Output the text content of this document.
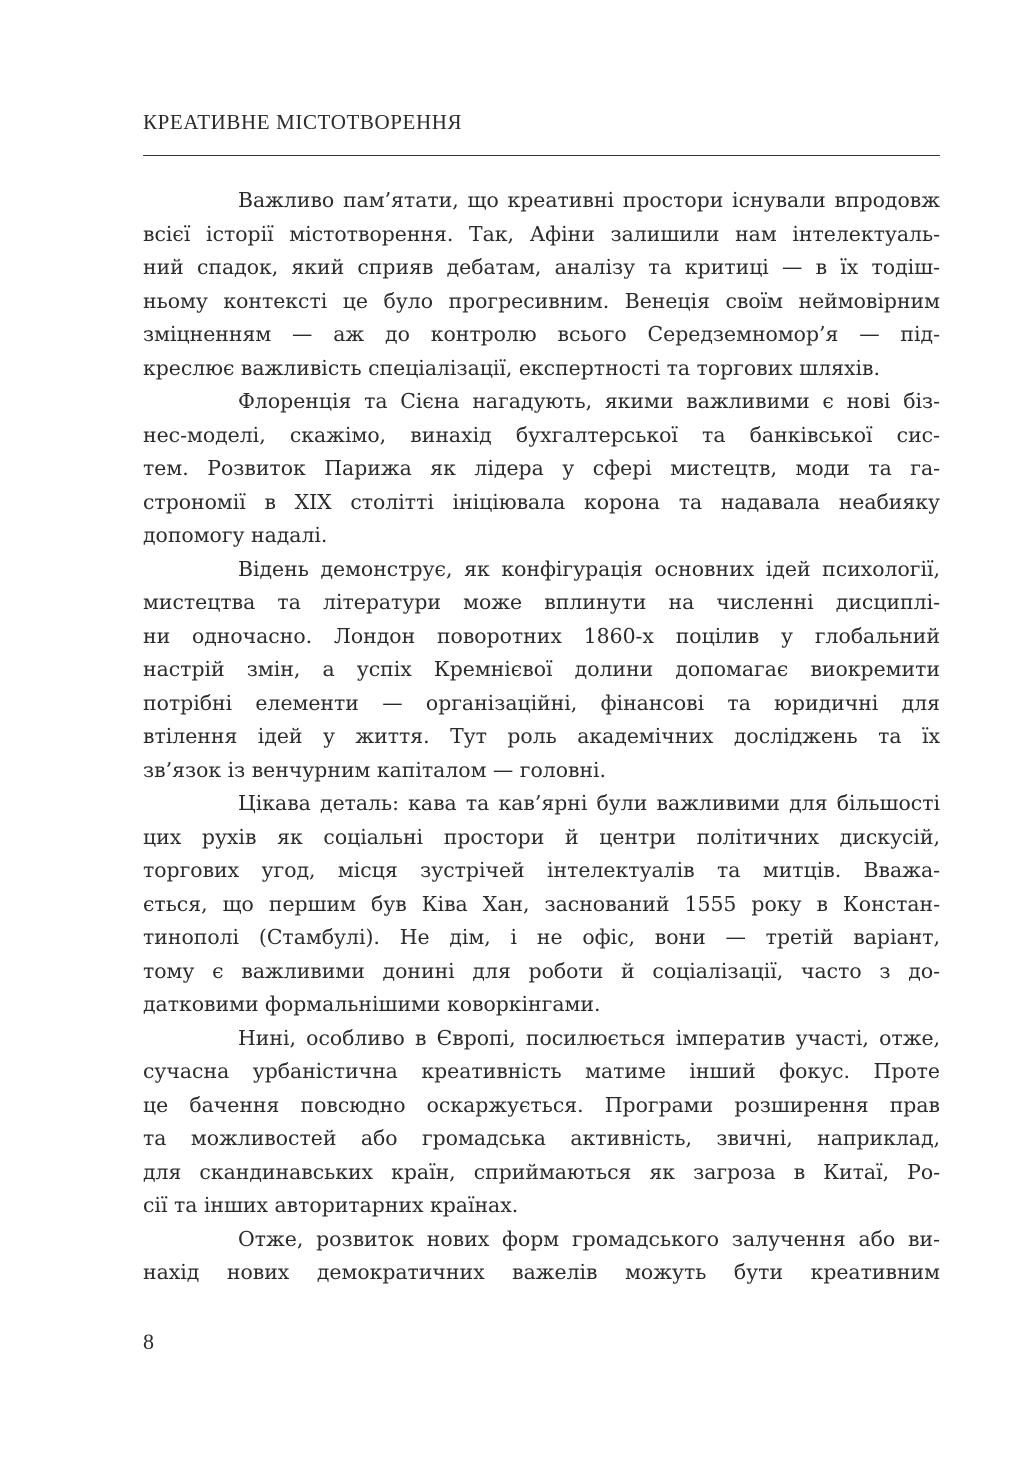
КРЕАТИВНЕ МІСТОТВОРЕННЯ
Важливо пам’ятати, що креативні простори існували впродовж
всієї історії містотворення. Так, Афіни залишили нам інтелектуаль-
ний спадок, який сприяв дебатам, аналізу та критиці — в їх тодіш-
ньому контексті це було прогресивним. Венеція своїм неймовірним
зміцненням — аж до контролю всього Середземномор’я — під-
креслює важливість спеціалізації, експертності та торгових шляхів.
Флоренція та Сієна нагадують, якими важливими є нові біз-
нес-моделі, скажімо, винахід бухгалтерської та банківської сис-
тем. Розвиток Парижа як лідера у сфері мистецтв, моди та га-
строномії в XIX столітті ініціювала корона та надавала неабияку
допомогу надалі.
Відень демонструє, як конфігурація основних ідей психології,
мистецтва та літератури може вплинути на численні дисциплі-
ни одночасно. Лондон поворотних 1860-х поцілив у глобальний
настрій змін, а успіх Кремнієвої долини допомагає виокремити
потрібні елементи — організаційні, фінансові та юридичні для
втілення ідей у життя. Тут роль академічних досліджень та їх
зв’язок із венчурним капіталом — головні.
Цікава деталь: кава та кав’ярні були важливими для більшості
цих рухів як соціальні простори й центри політичних дискусій,
торгових угод, місця зустрічей інтелектуалів та митців. Вважа-
ється, що першим був Ківа Хан, заснований 1555 року в Констан-
тинополі (Стамбулі). Не дім, і не офіс, вони — третій варіант,
тому є важливими донині для роботи й соціалізації, часто з до-
датковими формальнішими коворкінгами.
Нині, особливо в Європі, посилюється імператив участі, отже,
сучасна урбаністична креативність матиме інший фокус. Проте
це бачення повсюдно оскаржується. Програми розширення прав
та можливостей або громадська активність, звичні, наприклад,
для скандинавських країн, сприймаються як загроза в Китаї, Ро-
сії та інших авторитарних країнах.
Отже, розвиток нових форм громадського залучення або ви-
нахід нових демократичних важелів можуть бути креативним
8
